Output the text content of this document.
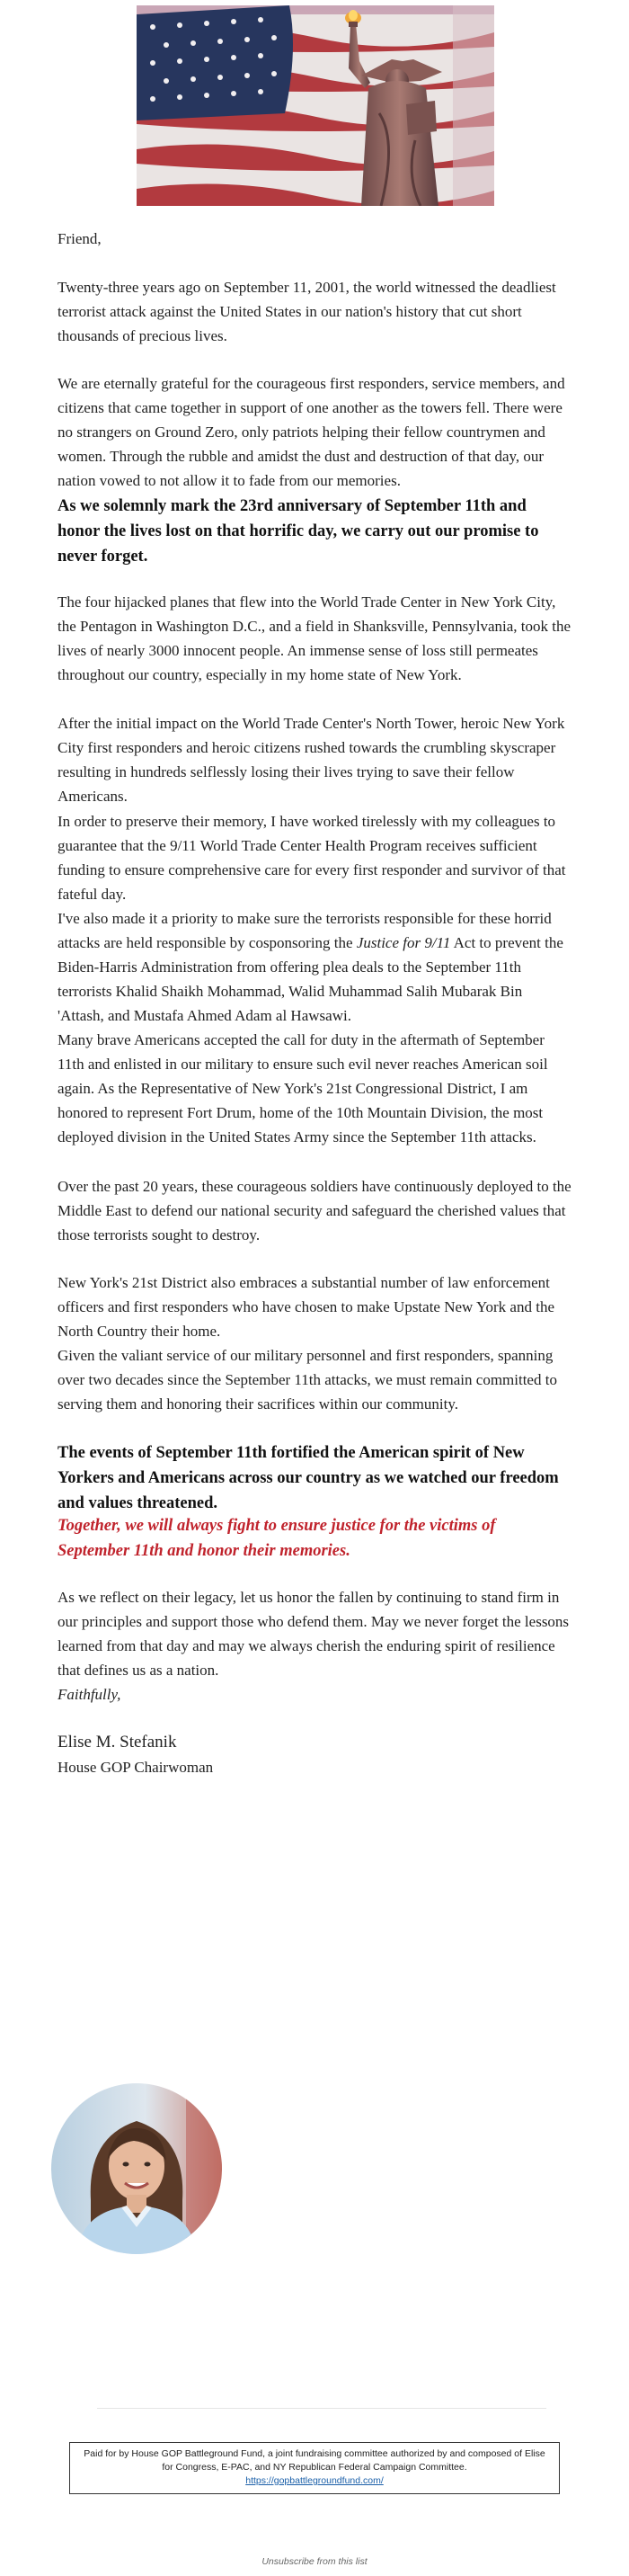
Friend,

Twenty-three years ago on September 11, 2001, the world witnessed the deadliest terrorist attack against the United States in our nation's history that cut short thousands of precious lives.

We are eternally grateful for the courageous first responders, service members, and citizens that came together in support of one another as the towers fell. There were no strangers on Ground Zero, only patriots helping their fellow countrymen and women. Through the rubble and amidst the dust and destruction of that day, our nation vowed to not allow it to fade from our memories.

As we solemnly mark the 23rd anniversary of September 11th and honor the lives lost on that horrific day, we carry out our promise to never forget.

The four hijacked planes that flew into the World Trade Center in New York City, the Pentagon in Washington D.C., and a field in Shanksville, Pennsylvania, took the lives of nearly 3000 innocent people. An immense sense of loss still permeates throughout our country, especially in my home state of New York.

After the initial impact on the World Trade Center's North Tower, heroic New York City first responders and heroic citizens rushed towards the crumbling skyscraper resulting in hundreds selflessly losing their lives trying to save their fellow Americans.

In order to preserve their memory, I have worked tirelessly with my colleagues to guarantee that the 9/11 World Trade Center Health Program receives sufficient funding to ensure comprehensive care for every first responder and survivor of that fateful day.

I've also made it a priority to make sure the terrorists responsible for these horrid attacks are held responsible by cosponsoring the Justice for 9/11 Act to prevent the Biden-Harris Administration from offering plea deals to the September 11th terrorists Khalid Shaikh Mohammad, Walid Muhammad Salih Mubarak Bin 'Attash, and Mustafa Ahmed Adam al Hawsawi.

Many brave Americans accepted the call for duty in the aftermath of September 11th and enlisted in our military to ensure such evil never reaches American soil again. As the Representative of New York's 21st Congressional District, I am honored to represent Fort Drum, home of the 10th Mountain Division, the most deployed division in the United States Army since the September 11th attacks.

Over the past 20 years, these courageous soldiers have continuously deployed to the Middle East to defend our national security and safeguard the cherished values that those terrorists sought to destroy.

New York's 21st District also embraces a substantial number of law enforcement officers and first responders who have chosen to make Upstate New York and the North Country their home.

Given the valiant service of our military personnel and first responders, spanning over two decades since the September 11th attacks, we must remain committed to serving them and honoring their sacrifices within our community.

The events of September 11th fortified the American spirit of New Yorkers and Americans across our country as we watched our freedom and values threatened.

Together, we will always fight to ensure justice for the victims of September 11th and honor their memories.

As we reflect on their legacy, let us honor the fallen by continuing to stand firm in our principles and support those who defend them. May we never forget the lessons learned from that day and may we always cherish the enduring spirit of resilience that defines us as a nation.

Faithfully,

Elise M. Stefanik

House GOP Chairwoman

Paid for by House GOP Battleground Fund, a joint fundraising committee authorized by and composed of Elise for Congress, E-PAC, and NY Republican Federal Campaign Committee.
https://gopbattlegroundfund.com/
Unsubscribe from this list
